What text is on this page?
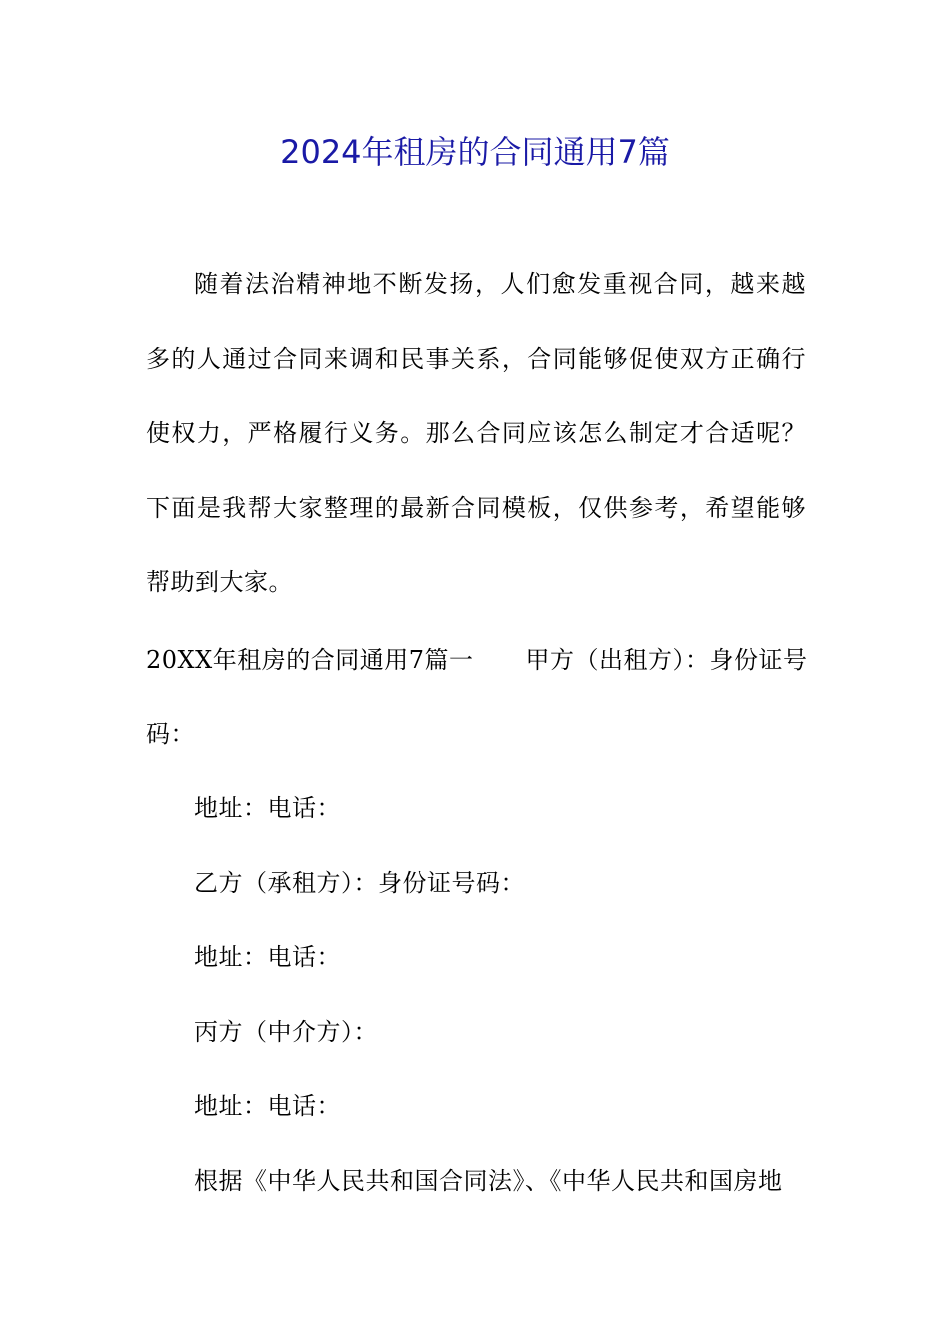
2024年租房的合同通用7篇

随着法治精神地不断发扬，人们愈发重视合同，越来越多的人通过合同来调和民事关系，合同能够促使双方正确行使权力，严格履行义务。那么合同应该怎么制定才合适呢？下面是我帮大家整理的最新合同模板，仅供参考，希望能够帮助到大家。

20XX年租房的合同通用7篇一 甲方（出租方）：身份证号
码：
地址：电话：
乙方（承租方）：身份证号码：
地址：电话：
丙方（中介方）：
地址：电话：
根据《中华人民共和国合同法》、《中华人民共和国房地
